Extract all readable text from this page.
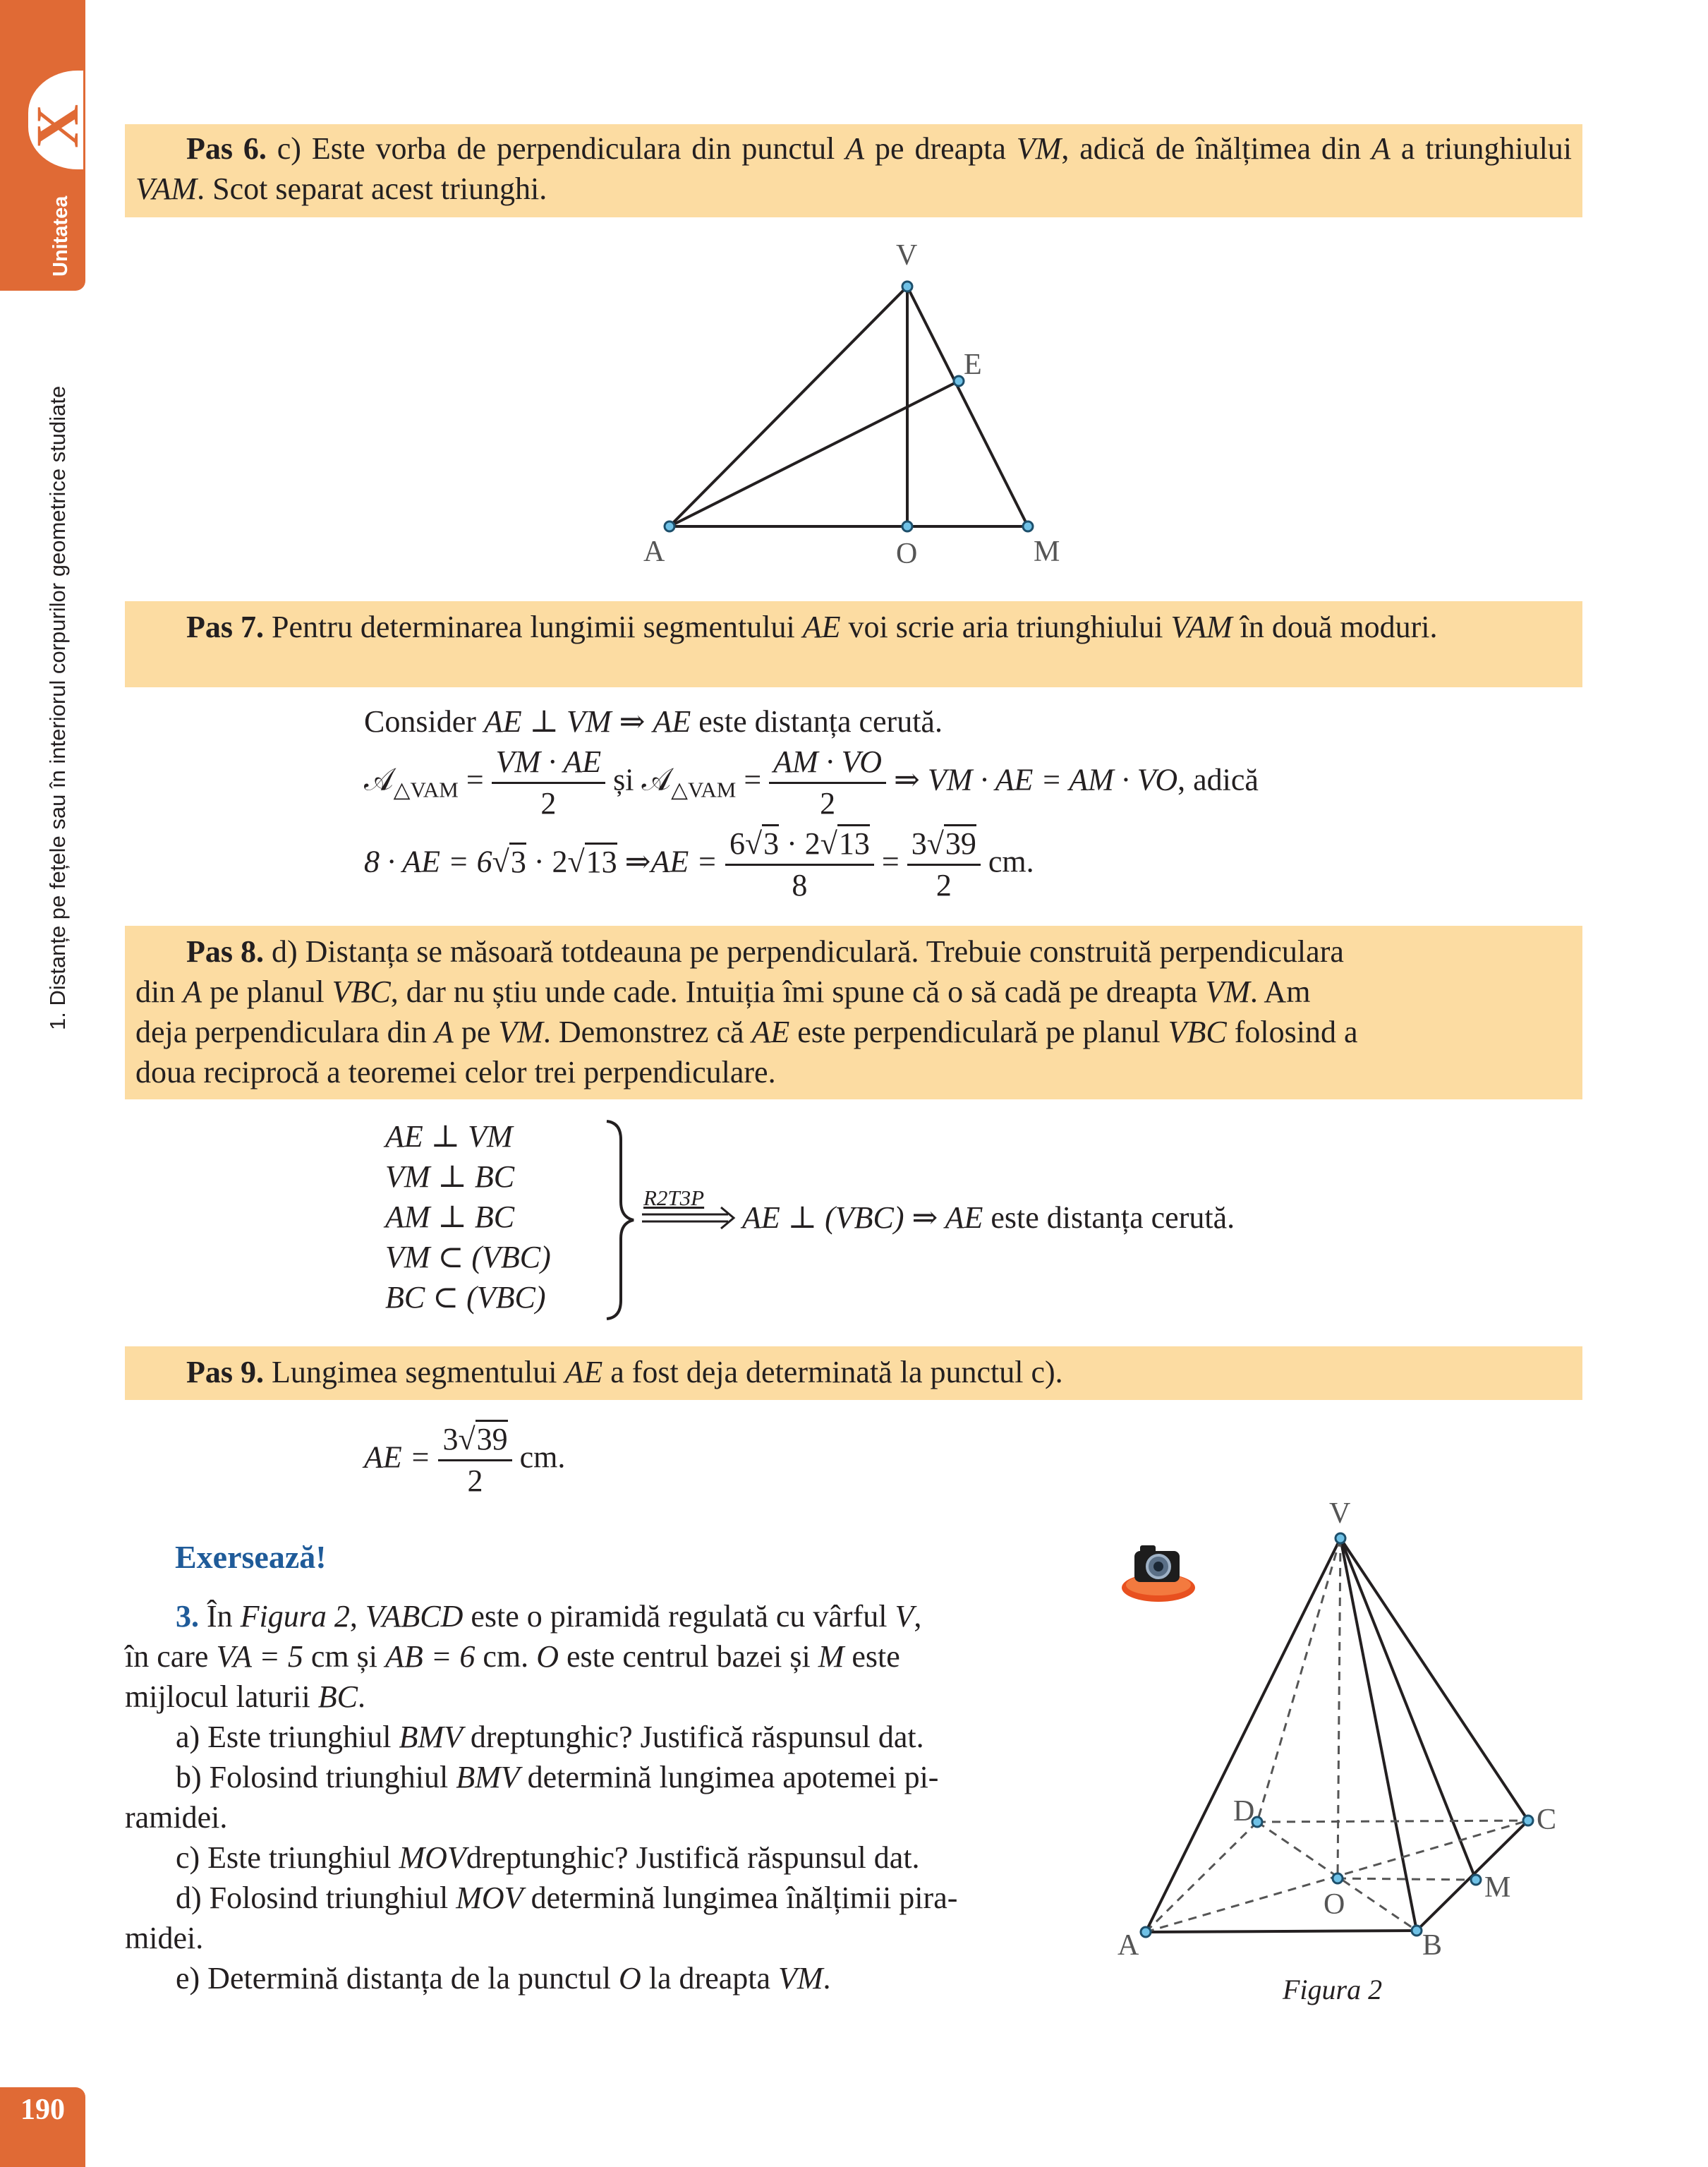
X
Unitatea
1. Distanțe pe fețele sau în interiorul corpurilor geometrice studiate
190
Pas 6. c) Este vorba de perpendiculara din punctul A pe dreapta VM, adică de înălțimea din A a triunghiului VAM. Scot separat acest triunghi.
V
E
A	O	M
Pas 7. Pentru determinarea lungimii segmentului AE voi scrie aria triunghiului VAM în două moduri.
Consider AE ⊥ VM ⇒ AE este distanța cerută.
𝒜$_{\triangle VAM}$ = $\frac{VM \cdot AE}{2}$ și 𝒜$_{\triangle VAM}$ = $\frac{AM \cdot VO}{2}$ ⇒ VM · AE = AM · VO, adică
8 · AE = 6√3 · 2√13 ⇒AE = $\frac{6√3 \cdot 2√13}{8} = \frac{3√39}{2}$ cm.
Pas 8. d) Distanța se măsoară totdeauna pe perpendiculară. Trebuie construită perpendiculara
din A pe planul VBC, dar nu știu unde cade. Intuiția îmi spune că o să cadă pe dreapta VM. Am
deja perpendiculara din A pe VM. Demonstrez că AE este perpendiculară pe planul VBC folosind a
doua reciprocă a teoremei celor trei perpendiculare.
AE ⊥ VM
VM ⊥ BC
AM ⊥ BC
VM ⊂ (VBC)
BC ⊂ (VBC)
R2T3P
AE ⊥ (VBC) ⇒ AE este distanța cerută.
Pas 9. Lungimea segmentului AE a fost deja determinată la punctul c).
AE = $\frac{3√39}{2}$ cm.
Exersează!
3. În Figura 2, VABCD este o piramidă regulată cu vârful V,
în care VA = 5 cm și AB = 6 cm. O este centrul bazei și M este
mijlocul laturii BC.
a) Este triunghiul BMV dreptunghic? Justifică răspunsul dat.
b) Folosind triunghiul BMV determină lungimea apotemei pi-
ramidei.
c) Este triunghiul MOVdreptunghic? Justifică răspunsul dat.
d) Folosind triunghiul MOV determină lungimea înălțimii pira-
midei.
e) Determină distanța de la punctul O la dreapta VM.
V
D	C
M
O
A	B
Figura 2
